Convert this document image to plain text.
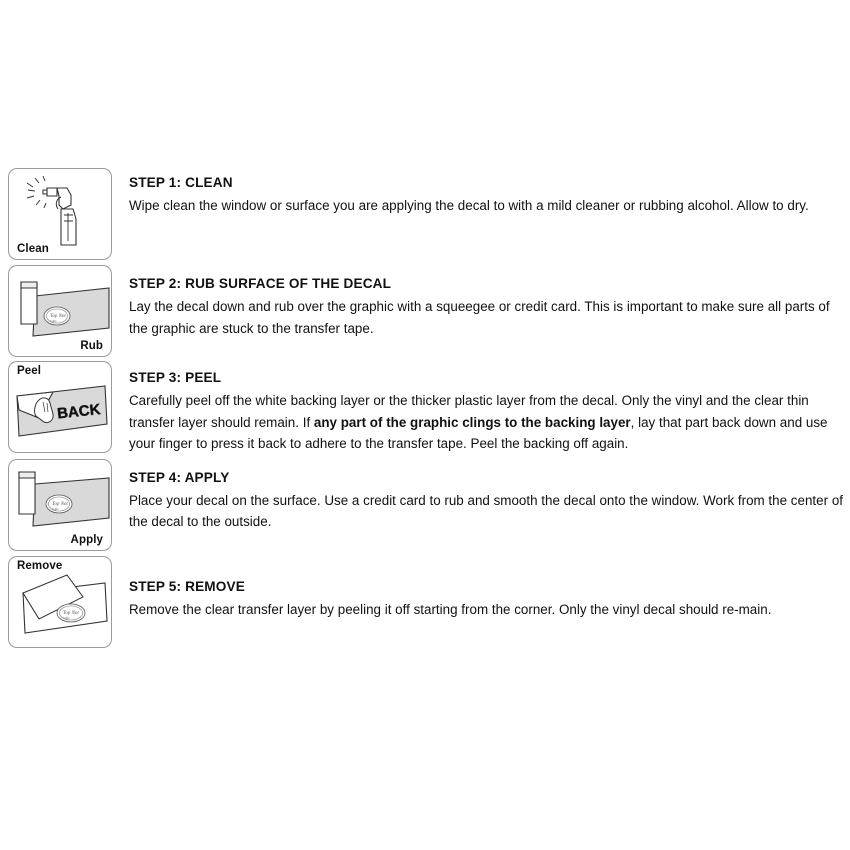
Clean

STEP 1: CLEAN

Wipe clean the window or surface you are applying the decal to with a mild cleaner or rubbing alcohol. Allow to dry.

Top Not
Gifts
Rub

STEP 2: RUB SURFACE OF THE DECAL

Lay the decal down and rub over the graphic with a squeegee or credit card. This is important to make sure all parts of the graphic are stuck to the transfer tape.

BACK
Peel	STEP 3: PEEL

Carefully peel off the white backing layer or the thicker plastic layer from the decal. Only the vinyl and the clear thin transfer layer should remain. If any part of the graphic clings to the backing layer, lay that part back down and use your finger to press it back to adhere to the transfer tape. Peel the backing off again.

Top Not
Gifts
Apply

STEP 4: APPLY

Place your decal on the surface. Use a credit card to rub and smooth the decal onto the window. Work from the center of the decal to the outside.

Top Not
Gifts
Remove

STEP 5: REMOVE

Remove the clear transfer layer by peeling it off starting from the corner. Only the vinyl decal should re-main.
